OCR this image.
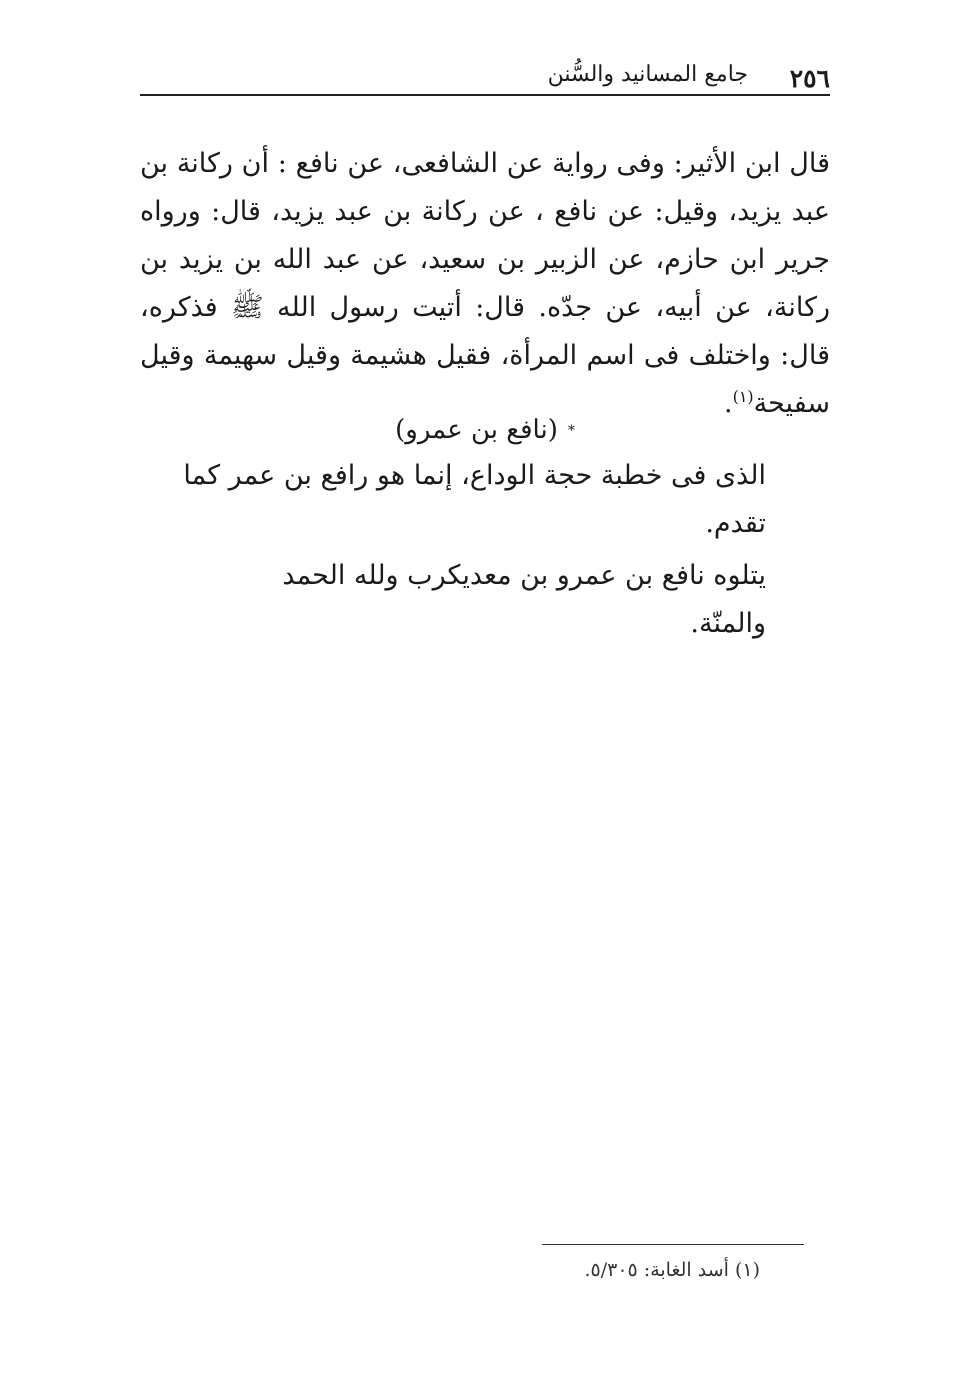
٢٥٦
جامع المسانيد والسُّنن

قال ابن الأثير: وفى رواية عن الشافعى، عن نافع : أن ركانة بن عبد يزيد، وقيل: عن نافع ، عن ركانة بن عبد يزيد، قال: ورواه جرير ابن حازم، عن الزبير بن سعيد، عن عبد الله بن يزيد بن ركانة، عن أبيه، عن جدّه. قال: أتيت رسول الله ﷺ فذكره، قال: واختلف فى اسم المرأة، فقيل هشيمة وقيل سهيمة وقيل سفيحة$^{(١)}$.

*(نافع بن عمرو)
الذى فى خطبة حجة الوداع، إنما هو رافع بن عمر كما تقدم.
يتلوه نافع بن عمرو بن معديكرب ولله الحمد والمنّة.
(١) أسد الغابة: ٥/٣٠٥.
